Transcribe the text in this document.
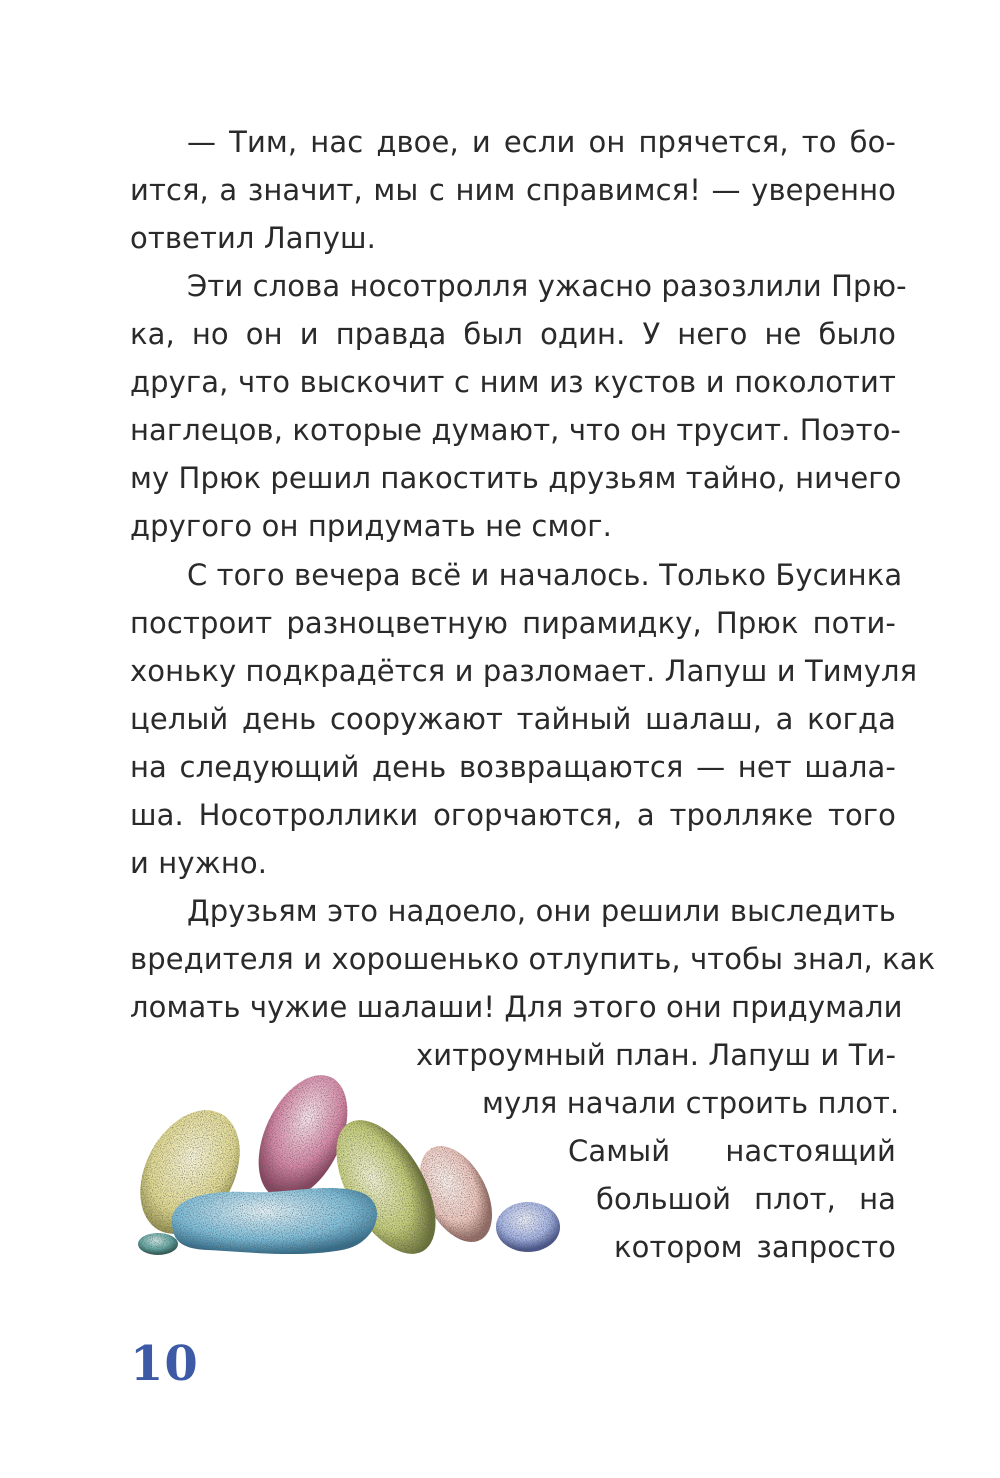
— Тим, нас двое, и если он прячется, то бо-
ится, а значит, мы с ним справимся! — уверенно
ответил Лапуш.
Эти слова носотролля ужасно разозлили Прю-
ка, но он и правда был один. У него не было
друга, что выскочит с ним из кустов и поколотит
наглецов, которые думают, что он трусит. Поэто-
му Прюк решил пакостить друзьям тайно, ничего
другого он придумать не смог.
С того вечера всё и началось. Только Бусинка
построит разноцветную пирамидку, Прюк поти-
хоньку подкрадётся и разломает. Лапуш и Тимуля
целый день сооружают тайный шалаш, а когда
на следующий день возвращаются — нет шала-
ша. Носотроллики огорчаются, а тролляке того
и нужно.
Друзьям это надоело, они решили выследить
вредителя и хорошенько отлупить, чтобы знал, как
ломать чужие шалаши! Для этого они придумали
хитроумный план. Лапуш и Ти-
муля начали строить плот.
Самый настоящий
большой плот, на
котором запросто
10
